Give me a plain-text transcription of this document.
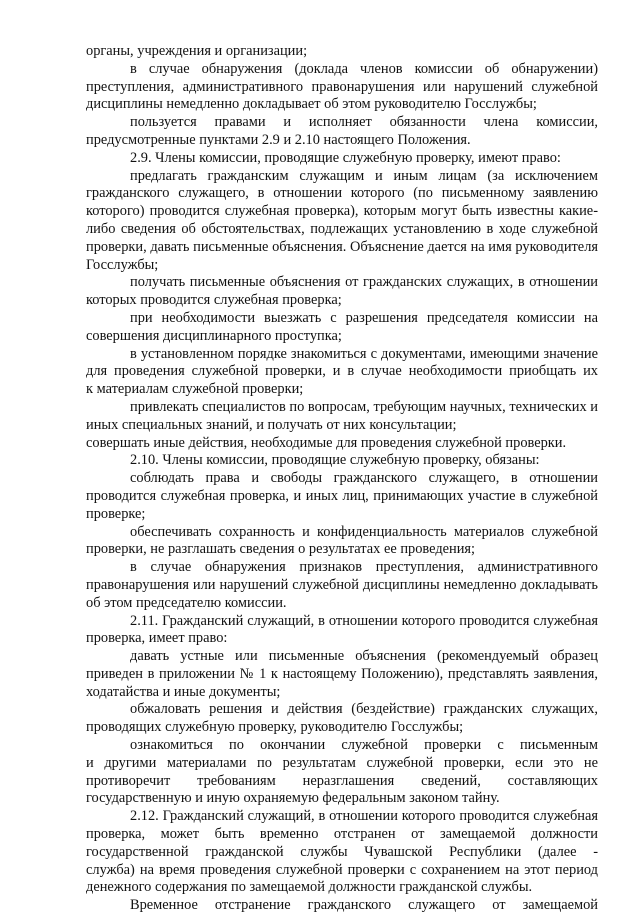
органы, учреждения и организации;
в случае обнаружения (доклада членов комиссии об обнаружении)
преступления, административного правонарушения или нарушений служебной
дисциплины немедленно докладывает об этом руководителю Госслужбы;
пользуется правами и исполняет обязанности члена комиссии,
предусмотренные пунктами 2.9 и 2.10 настоящего Положения.
2.9. Члены комиссии, проводящие служебную проверку, имеют право:
предлагать гражданским служащим и иным лицам (за исключением
гражданского служащего, в отношении которого (по письменному заявлению
которого) проводится служебная проверка), которым могут быть известны какие-
либо сведения об обстоятельствах, подлежащих установлению в ходе служебной
проверки, давать письменные объяснения. Объяснение дается на имя руководителя
Госслужбы;
получать письменные объяснения от гражданских служащих, в отношении
которых проводится служебная проверка;
при необходимости выезжать с разрешения председателя комиссии на
совершения дисциплинарного проступка;
в установленном порядке знакомиться с документами, имеющими значение
для проведения служебной проверки, и в случае необходимости приобщать их
к материалам служебной проверки;
привлекать специалистов по вопросам, требующим научных, технических и
иных специальных знаний, и получать от них консультации;
совершать иные действия, необходимые для проведения служебной проверки.
2.10. Члены комиссии, проводящие служебную проверку, обязаны:
соблюдать права и свободы гражданского служащего, в отношении
проводится служебная проверка, и иных лиц, принимающих участие в служебной
проверке;
обеспечивать сохранность и конфиденциальность материалов служебной
проверки, не разглашать сведения о результатах ее проведения;
в случае обнаружения признаков преступления, административного
правонарушения или нарушений служебной дисциплины немедленно докладывать
об этом председателю комиссии.
2.11. Гражданский служащий, в отношении которого проводится служебная
проверка, имеет право:
давать устные или письменные объяснения (рекомендуемый образец
приведен в приложении № 1 к настоящему Положению), представлять заявления,
ходатайства и иные документы;
обжаловать решения и действия (бездействие) гражданских служащих,
проводящих служебную проверку, руководителю Госслужбы;
ознакомиться по окончании служебной проверки с письменным
и другими материалами по результатам служебной проверки, если это не
противоречит требованиям неразглашения сведений, составляющих
государственную и иную охраняемую федеральным законом тайну.
2.12. Гражданский служащий, в отношении которого проводится служебная
проверка, может быть временно отстранен от замещаемой должности
государственной гражданской службы Чувашской Республики (далее -
служба) на время проведения служебной проверки с сохранением на этот период
денежного содержания по замещаемой должности гражданской службы.
Временное отстранение гражданского служащего от замещаемой
